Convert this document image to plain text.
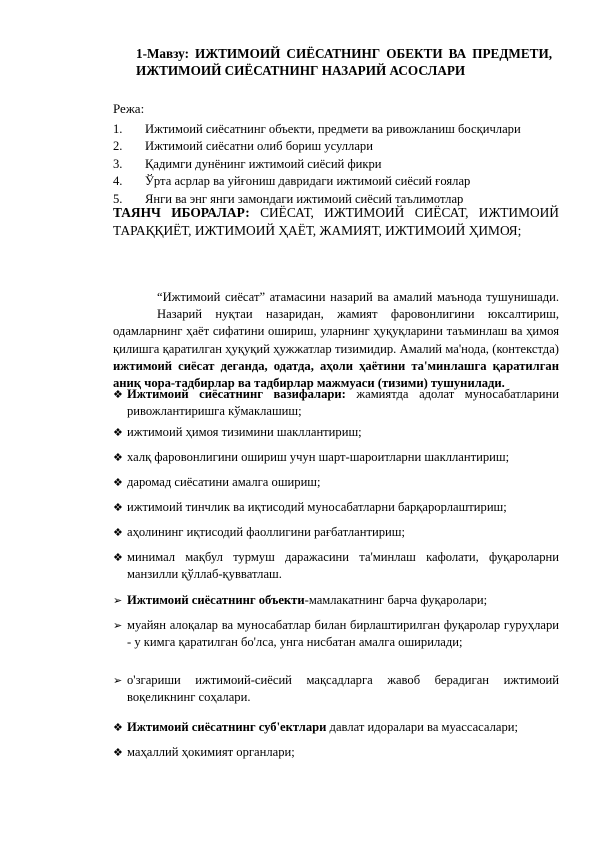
1-Мавзу: ИЖТИМОИЙ СИЁСАТНИНГ ОБЕКТИ ВА ПРЕДМЕТИ, ИЖТИМОИЙ СИЁСАТНИНГ НАЗАРИЙ АСОСЛАРИ
Режа:
1.	Ижтимоий сиёсатнинг объекти, предмети ва ривожланиш босқичлари
2.	Ижтимоий сиёсатни олиб бориш усуллари
3.	Қадимги дунёнинг ижтимоий сиёсий фикри
4.	Ўрта асрлар ва уйғониш давридаги ижтимоий сиёсий ғоялар
5.	Янги ва энг янги замондаги ижтимоий сиёсий таълимотлар
ТАЯНЧ ИБОРАЛАР: СИЁСАТ, ИЖТИМОИЙ СИЁСАТ, ИЖТИМОИЙ ТАРАҚҚИЁТ, ИЖТИМОИЙ ҲАЁТ, ЖАМИЯТ, ИЖТИМОИЙ ҲИМОЯ;
“Ижтимоий сиёсат” атамасини назарий ва амалий маънода тушунишади.Назарий нуқтаи назаридан, жамият фаровонлигини юксалтириш, одамларнинг ҳаёт сифатини ошириш, уларнинг ҳуқуқларини таъминлаш ва ҳимоя қилишга қаратилган ҳуқуқий ҳужжатлар тизимидир. Амалий ма'нода, (контекстда) ижтимоий сиёсат деганда, одатда, аҳоли ҳаётини та'минлашга қаратилган аниқ чора-тадбирлар ва тадбирлар мажмуаси (тизими) тушунилади.
❖ Ижтимоий сиёсатнинг вазифалари: жамиятда адолат муносабатларини ривожлантиришга кўмаклашиш;
❖ ижтимоий ҳимоя тизимини шакллантириш;
❖ халқ фаровонлигини ошириш учун шарт-шароитларни шакллантириш;
❖ даромад сиёсатини амалга ошириш;
❖ ижтимоий тинчлик ва иқтисодий муносабатларни барқарорлаштириш;
❖ аҳолининг иқтисодий фаоллигини рағбатлантириш;
❖ минимал мақбул турмуш даражасини та'минлаш кафолати, фуқароларни манзилли қўллаб-қувватлаш.
➢ Ижтимоий сиёсатнинг объекти-мамлакатнинг барча фуқаролари;
➢ муайян алоқалар ва муносабатлар билан бирлаштирилган фуқаролар гуруҳлари - у кимга қаратилган бо'лса, унга нисбатан амалга оширилади;
➢ о'згариши ижтимоий-сиёсий мақсадларга жавоб берадиган ижтимоий воқеликнинг соҳалари.
❖ Ижтимоий сиёсатнинг суб'ектлари давлат идоралари ва муассасалари;
❖ маҳаллий ҳокимият органлари;
